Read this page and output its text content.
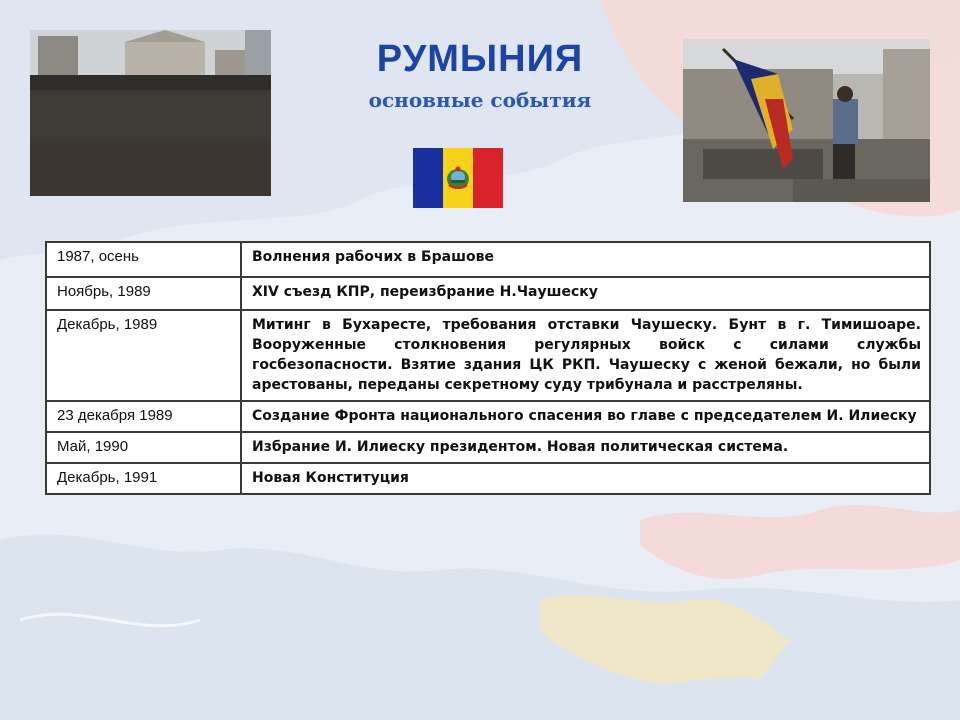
РУМЫНИЯ
основные события
1987, осень	Волнения рабочих в Брашове
Ноябрь, 1989	XIV съезд КПР, переизбрание Н.Чаушеску
Декабрь, 1989	Митинг в Бухаресте, требования отставки Чаушеску. Бунт в г. Тимишоаре. Вооруженные столкновения регулярных войск с силами службы госбезопасности. Взятие здания ЦК РКП. Чаушеску с женой бежали, но были арестованы, переданы секретному суду трибунала и расстреляны.
23 декабря 1989	Создание Фронта национального спасения во главе с председателем И. Илиеску
Май, 1990	Избрание И. Илиеску президентом. Новая политическая система.
Декабрь, 1991	Новая Конституция
